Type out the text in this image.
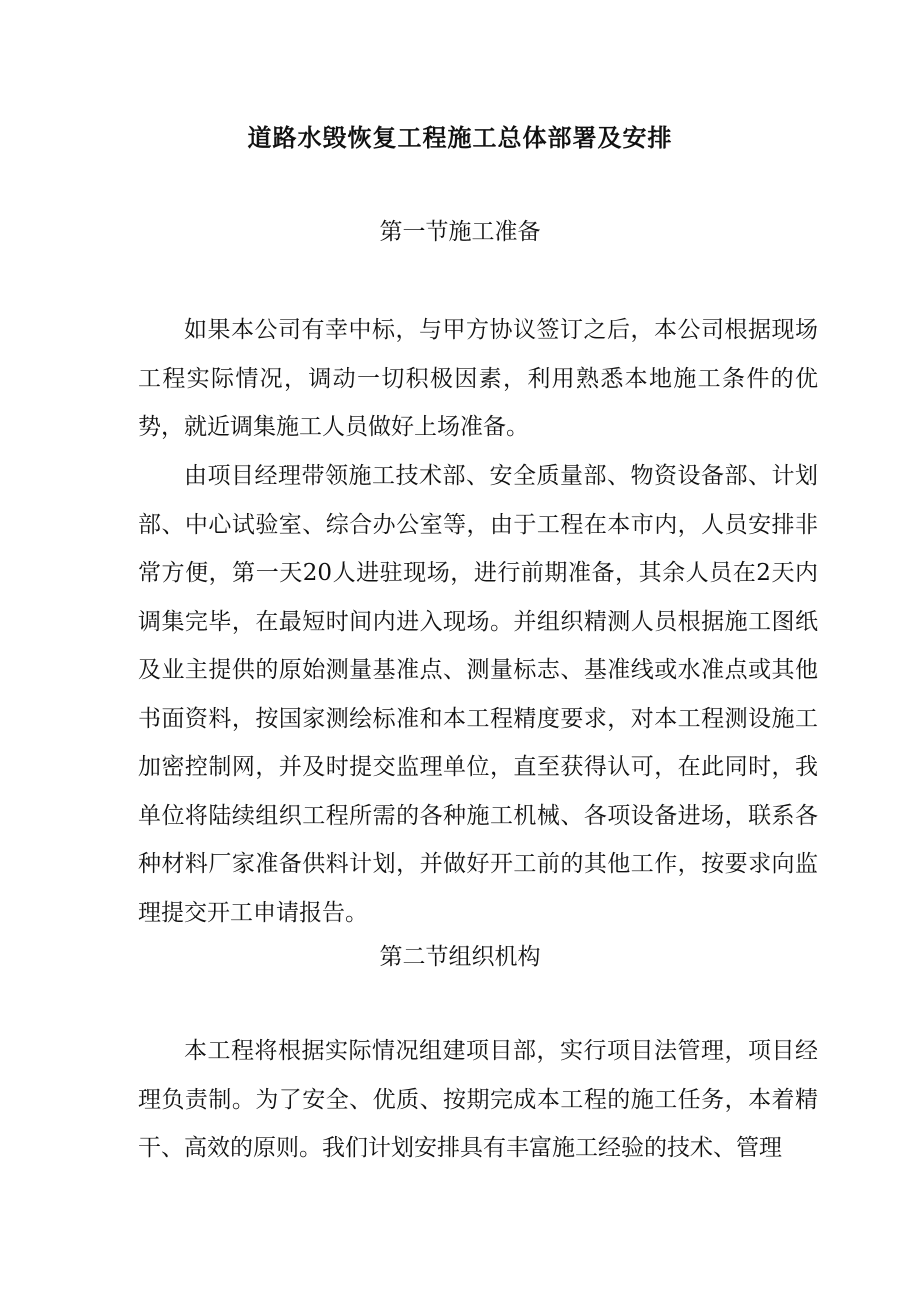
道路水毁恢复工程施工总体部署及安排
第一节施工准备

如果本公司有幸中标，与甲方协议签订之后，本公司根据现场工程实际情况，调动一切积极因素，利用熟悉本地施工条件的优势，就近调集施工人员做好上场准备。

由项目经理带领施工技术部、安全质量部、物资设备部、计划部、中心试验室、综合办公室等，由于工程在本市内，人员安排非常方便，第一天20人进驻现场，进行前期准备，其余人员在2天内调集完毕，在最短时间内进入现场。并组织精测人员根据施工图纸及业主提供的原始测量基准点、测量标志、基准线或水准点或其他书面资料，按国家测绘标准和本工程精度要求，对本工程测设施工加密控制网，并及时提交监理单位，直至获得认可，在此同时，我单位将陆续组织工程所需的各种施工机械、各项设备进场，联系各种材料厂家准备供料计划，并做好开工前的其他工作，按要求向监理提交开工申请报告。

第二节组织机构

本工程将根据实际情况组建项目部，实行项目法管理，项目经理负责制。为了安全、优质、按期完成本工程的施工任务，本着精干、高效的原则。我们计划安排具有丰富施工经验的技术、管理
